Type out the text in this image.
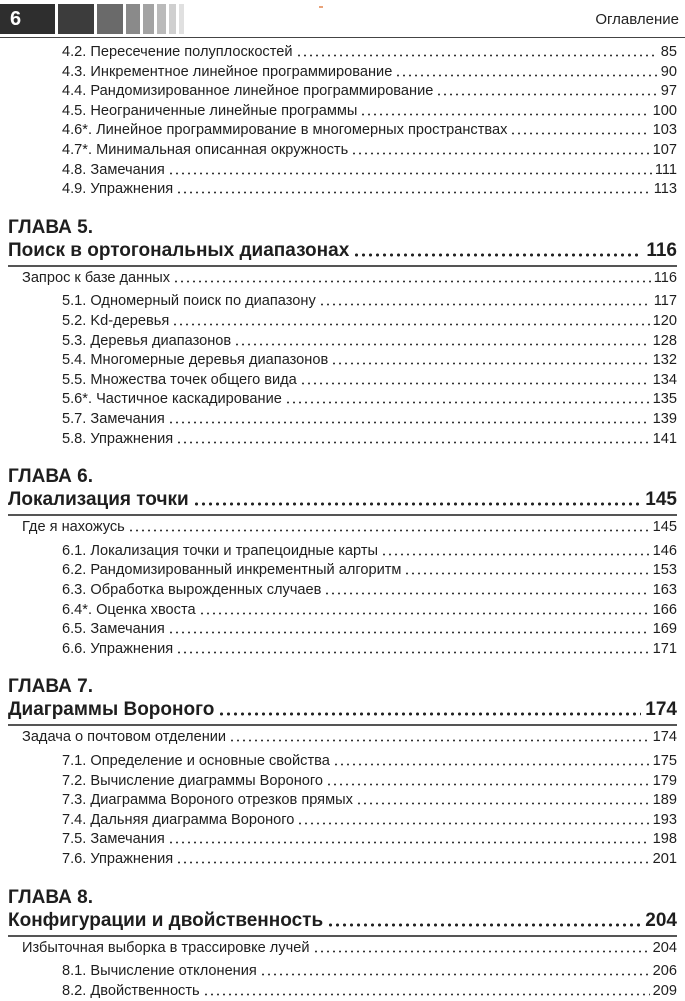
6	Оглавление
4.2. Пересечение полуплоскостей	85
4.3. Инкрементное линейное программирование	90
4.4. Рандомизированное линейное программирование	97
4.5. Неограниченные линейные программы	100
4.6*. Линейное программирование в многомерных пространствах	103
4.7*. Минимальная описанная окружность	107
4.8. Замечания	111
4.9. Упражнения	113
ГЛАВА 5.
Поиск в ортогональных диапазонах	116
Запрос к базе данных	116
5.1. Одномерный поиск по диапазону	117
5.2. Kd-деревья	120
5.3. Деревья диапазонов	128
5.4. Многомерные деревья диапазонов	132
5.5. Множества точек общего вида	134
5.6*. Частичное каскадирование	135
5.7. Замечания	139
5.8. Упражнения	141
ГЛАВА 6.
Локализация точки	145
Где я нахожусь	145
6.1. Локализация точки и трапецоидные карты	146
6.2. Рандомизированный инкрементный алгоритм	153
6.3. Обработка вырожденных случаев	163
6.4*. Оценка хвоста	166
6.5. Замечания	169
6.6. Упражнения	171
ГЛАВА 7.
Диаграммы Вороного	174
Задача о почтовом отделении	174
7.1. Определение и основные свойства	175
7.2. Вычисление диаграммы Вороного	179
7.3. Диаграмма Вороного отрезков прямых	189
7.4. Дальняя диаграмма Вороного	193
7.5. Замечания	198
7.6. Упражнения	201
ГЛАВА 8.
Конфигурации и двойственность	204
Избыточная выборка в трассировке лучей	204
8.1. Вычисление отклонения	206
8.2. Двойственность	209
